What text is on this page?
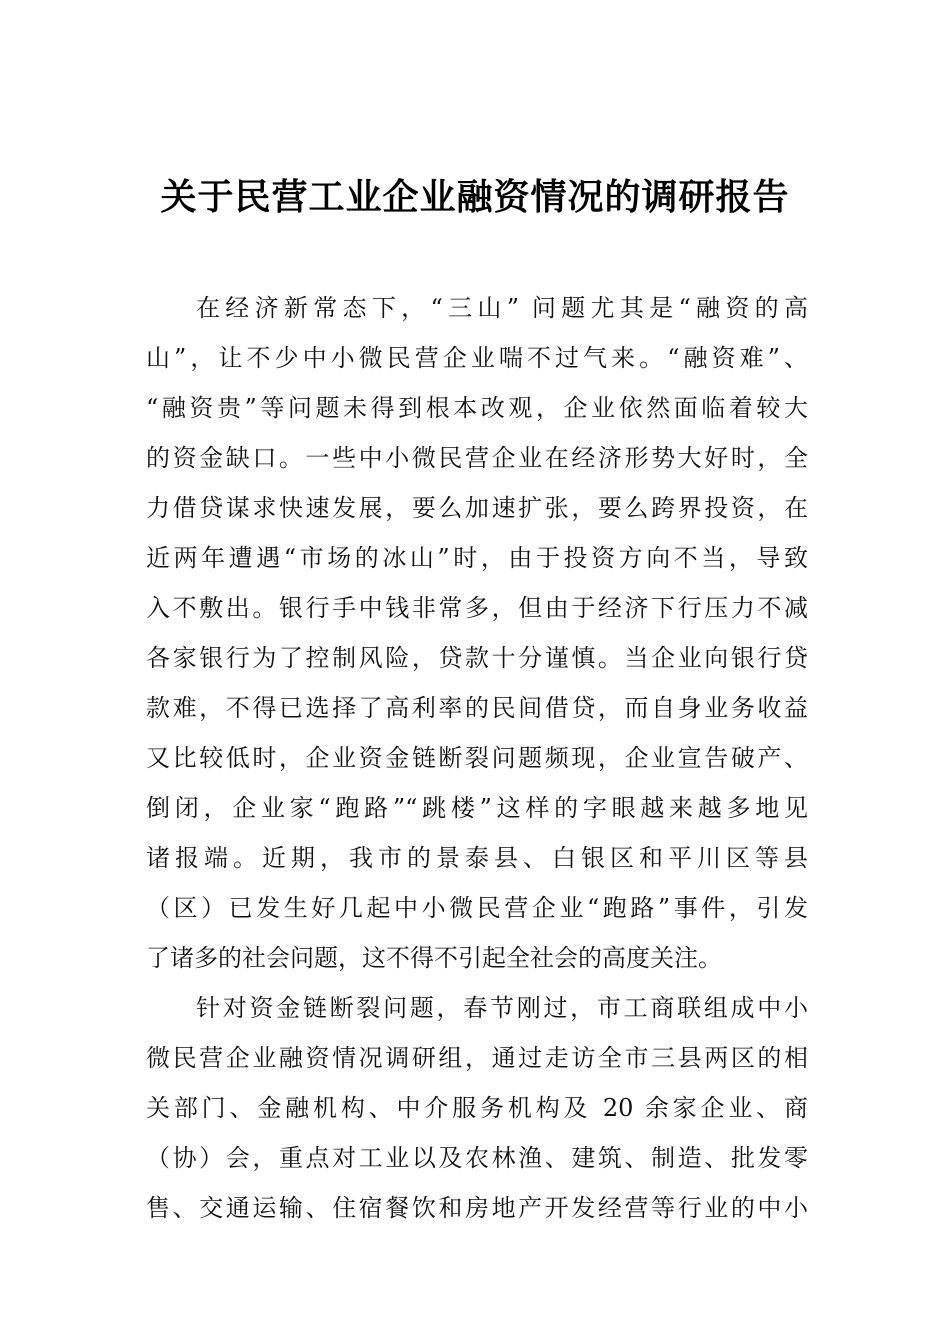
关于民营工业企业融资情况的调研报告
在经济新常态下，“三山” 问题尤其是“融资的高
山”，让不少中小微民营企业喘不过气来。“融资难”、
“融资贵”等问题未得到根本改观，企业依然面临着较大
的资金缺口。一些中小微民营企业在经济形势大好时，全
力借贷谋求快速发展，要么加速扩张，要么跨界投资，在
近两年遭遇“市场的冰山”时，由于投资方向不当，导致
入不敷出。银行手中钱非常多，但由于经济下行压力不减
各家银行为了控制风险，贷款十分谨慎。当企业向银行贷
款难，不得已选择了高利率的民间借贷，而自身业务收益
又比较低时，企业资金链断裂问题频现，企业宣告破产、
倒闭，企业家“跑路”“跳楼”这样的字眼越来越多地见
诸报端。近期，我市的景泰县、白银区和平川区等县
（区）已发生好几起中小微民营企业“跑路”事件，引发
了诸多的社会问题，这不得不引起全社会的高度关注。
针对资金链断裂问题，春节刚过，市工商联组成中小
微民营企业融资情况调研组，通过走访全市三县两区的相
关部门、金融机构、中介服务机构及 20 余家企业、商
（协）会，重点对工业以及农林渔、建筑、制造、批发零
售、交通运输、住宿餐饮和房地产开发经营等行业的中小
